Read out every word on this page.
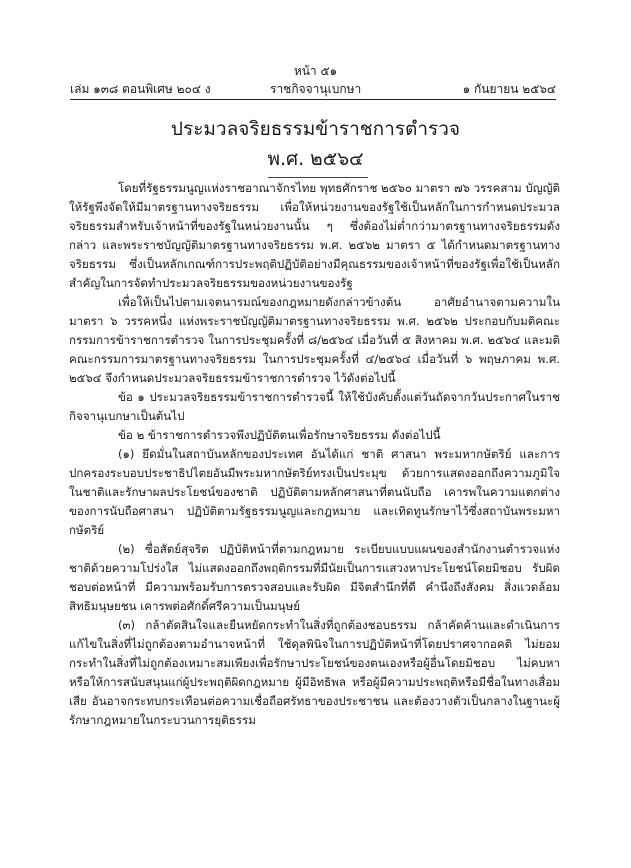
หน้า ๕๑
เล่ม ๑๓๘ ตอนพิเศษ ๒๐๔ ง	ราชกิจจานุเบกษา	๑ กันยายน ๒๕๖๔
ประมวลจริยธรรมข้าราชการตำรวจ
พ.ศ. ๒๕๖๔

โดยที่รัฐธรรมนูญแห่งราชอาณาจักรไทย พุทธศักราช ๒๕๖๐ มาตรา ๗๖ วรรคสาม บัญญัติให้รัฐพึงจัดให้มีมาตรฐานทางจริยธรรม เพื่อให้หน่วยงานของรัฐใช้เป็นหลักในการกำหนดประมวลจริยธรรมสำหรับเจ้าหน้าที่ของรัฐในหน่วยงานนั้น ๆ ซึ่งต้องไม่ต่ำกว่ามาตรฐานทางจริยธรรมดังกล่าว และพระราชบัญญัติมาตรฐานทางจริยธรรม พ.ศ. ๒๕๖๒ มาตรา ๕ ได้กำหนดมาตรฐานทางจริยธรรม ซึ่งเป็นหลักเกณฑ์การประพฤติปฏิบัติอย่างมีคุณธรรมของเจ้าหน้าที่ของรัฐเพื่อใช้เป็นหลักสำคัญในการจัดทำประมวลจริยธรรมของหน่วยงานของรัฐ

เพื่อให้เป็นไปตามเจตนารมณ์ของกฎหมายดังกล่าวข้างต้น อาศัยอำนาจตามความในมาตรา ๖ วรรคหนึ่ง แห่งพระราชบัญญัติมาตรฐานทางจริยธรรม พ.ศ. ๒๕๖๒ ประกอบกับมติคณะกรรมการข้าราชการตำรวจ ในการประชุมครั้งที่ ๘/๒๕๖๔ เมื่อวันที่ ๕ สิงหาคม พ.ศ. ๒๕๖๔ และมติคณะกรรมการมาตรฐานทางจริยธรรม ในการประชุมครั้งที่ ๔/๒๕๖๔ เมื่อวันที่ ๖ พฤษภาคม พ.ศ. ๒๕๖๔ จึงกำหนดประมวลจริยธรรมข้าราชการตำรวจ ไว้ดังต่อไปนี้

ข้อ ๑ ประมวลจริยธรรมข้าราชการตำรวจนี้ ให้ใช้บังคับตั้งแต่วันถัดจากวันประกาศในราชกิจจานุเบกษาเป็นต้นไป

ข้อ ๒ ข้าราชการตำรวจพึงปฏิบัติตนเพื่อรักษาจริยธรรม ดังต่อไปนี้

(๑) ยึดมั่นในสถาบันหลักของประเทศ อันได้แก่ ชาติ ศาสนา พระมหากษัตริย์ และการปกครองระบอบประชาธิปไตยอันมีพระมหากษัตริย์ทรงเป็นประมุข ด้วยการแสดงออกถึงความภูมิใจในชาติและรักษาผลประโยชน์ของชาติ ปฏิบัติตามหลักศาสนาที่ตนนับถือ เคารพในความแตกต่างของการนับถือศาสนา ปฏิบัติตามรัฐธรรมนูญและกฎหมาย และเทิดทูนรักษาไว้ซึ่งสถาบันพระมหากษัตริย์

(๒) ซื่อสัตย์สุจริต ปฏิบัติหน้าที่ตามกฎหมาย ระเบียบแบบแผนของสำนักงานตำรวจแห่งชาติด้วยความโปร่งใส ไม่แสดงออกถึงพฤติกรรมที่มีนัยเป็นการแสวงหาประโยชน์โดยมิชอบ รับผิดชอบต่อหน้าที่ มีความพร้อมรับการตรวจสอบและรับผิด มีจิตสำนึกที่ดี คำนึงถึงสังคม สิ่งแวดล้อม สิทธิมนุษยชน เคารพต่อศักดิ์ศรีความเป็นมนุษย์

(๓) กล้าตัดสินใจและยืนหยัดกระทำในสิ่งที่ถูกต้องชอบธรรม กล้าคัดค้านและดำเนินการแก้ไขในสิ่งที่ไม่ถูกต้องตามอำนาจหน้าที่ ใช้ดุลพินิจในการปฏิบัติหน้าที่โดยปราศจากอคติ ไม่ยอมกระทำในสิ่งที่ไม่ถูกต้องเหมาะสมเพียงเพื่อรักษาประโยชน์ของตนเองหรือผู้อื่นโดยมิชอบ ไม่คบหาหรือให้การสนับสนุนแก่ผู้ประพฤติผิดกฎหมาย ผู้มีอิทธิพล หรือผู้มีความประพฤติหรือมีชื่อในทางเสื่อมเสีย อันอาจกระทบกระเทือนต่อความเชื่อถือศรัทธาของประชาชน และต้องวางตัวเป็นกลางในฐานะผู้รักษากฎหมายในกระบวนการยุติธรรม
